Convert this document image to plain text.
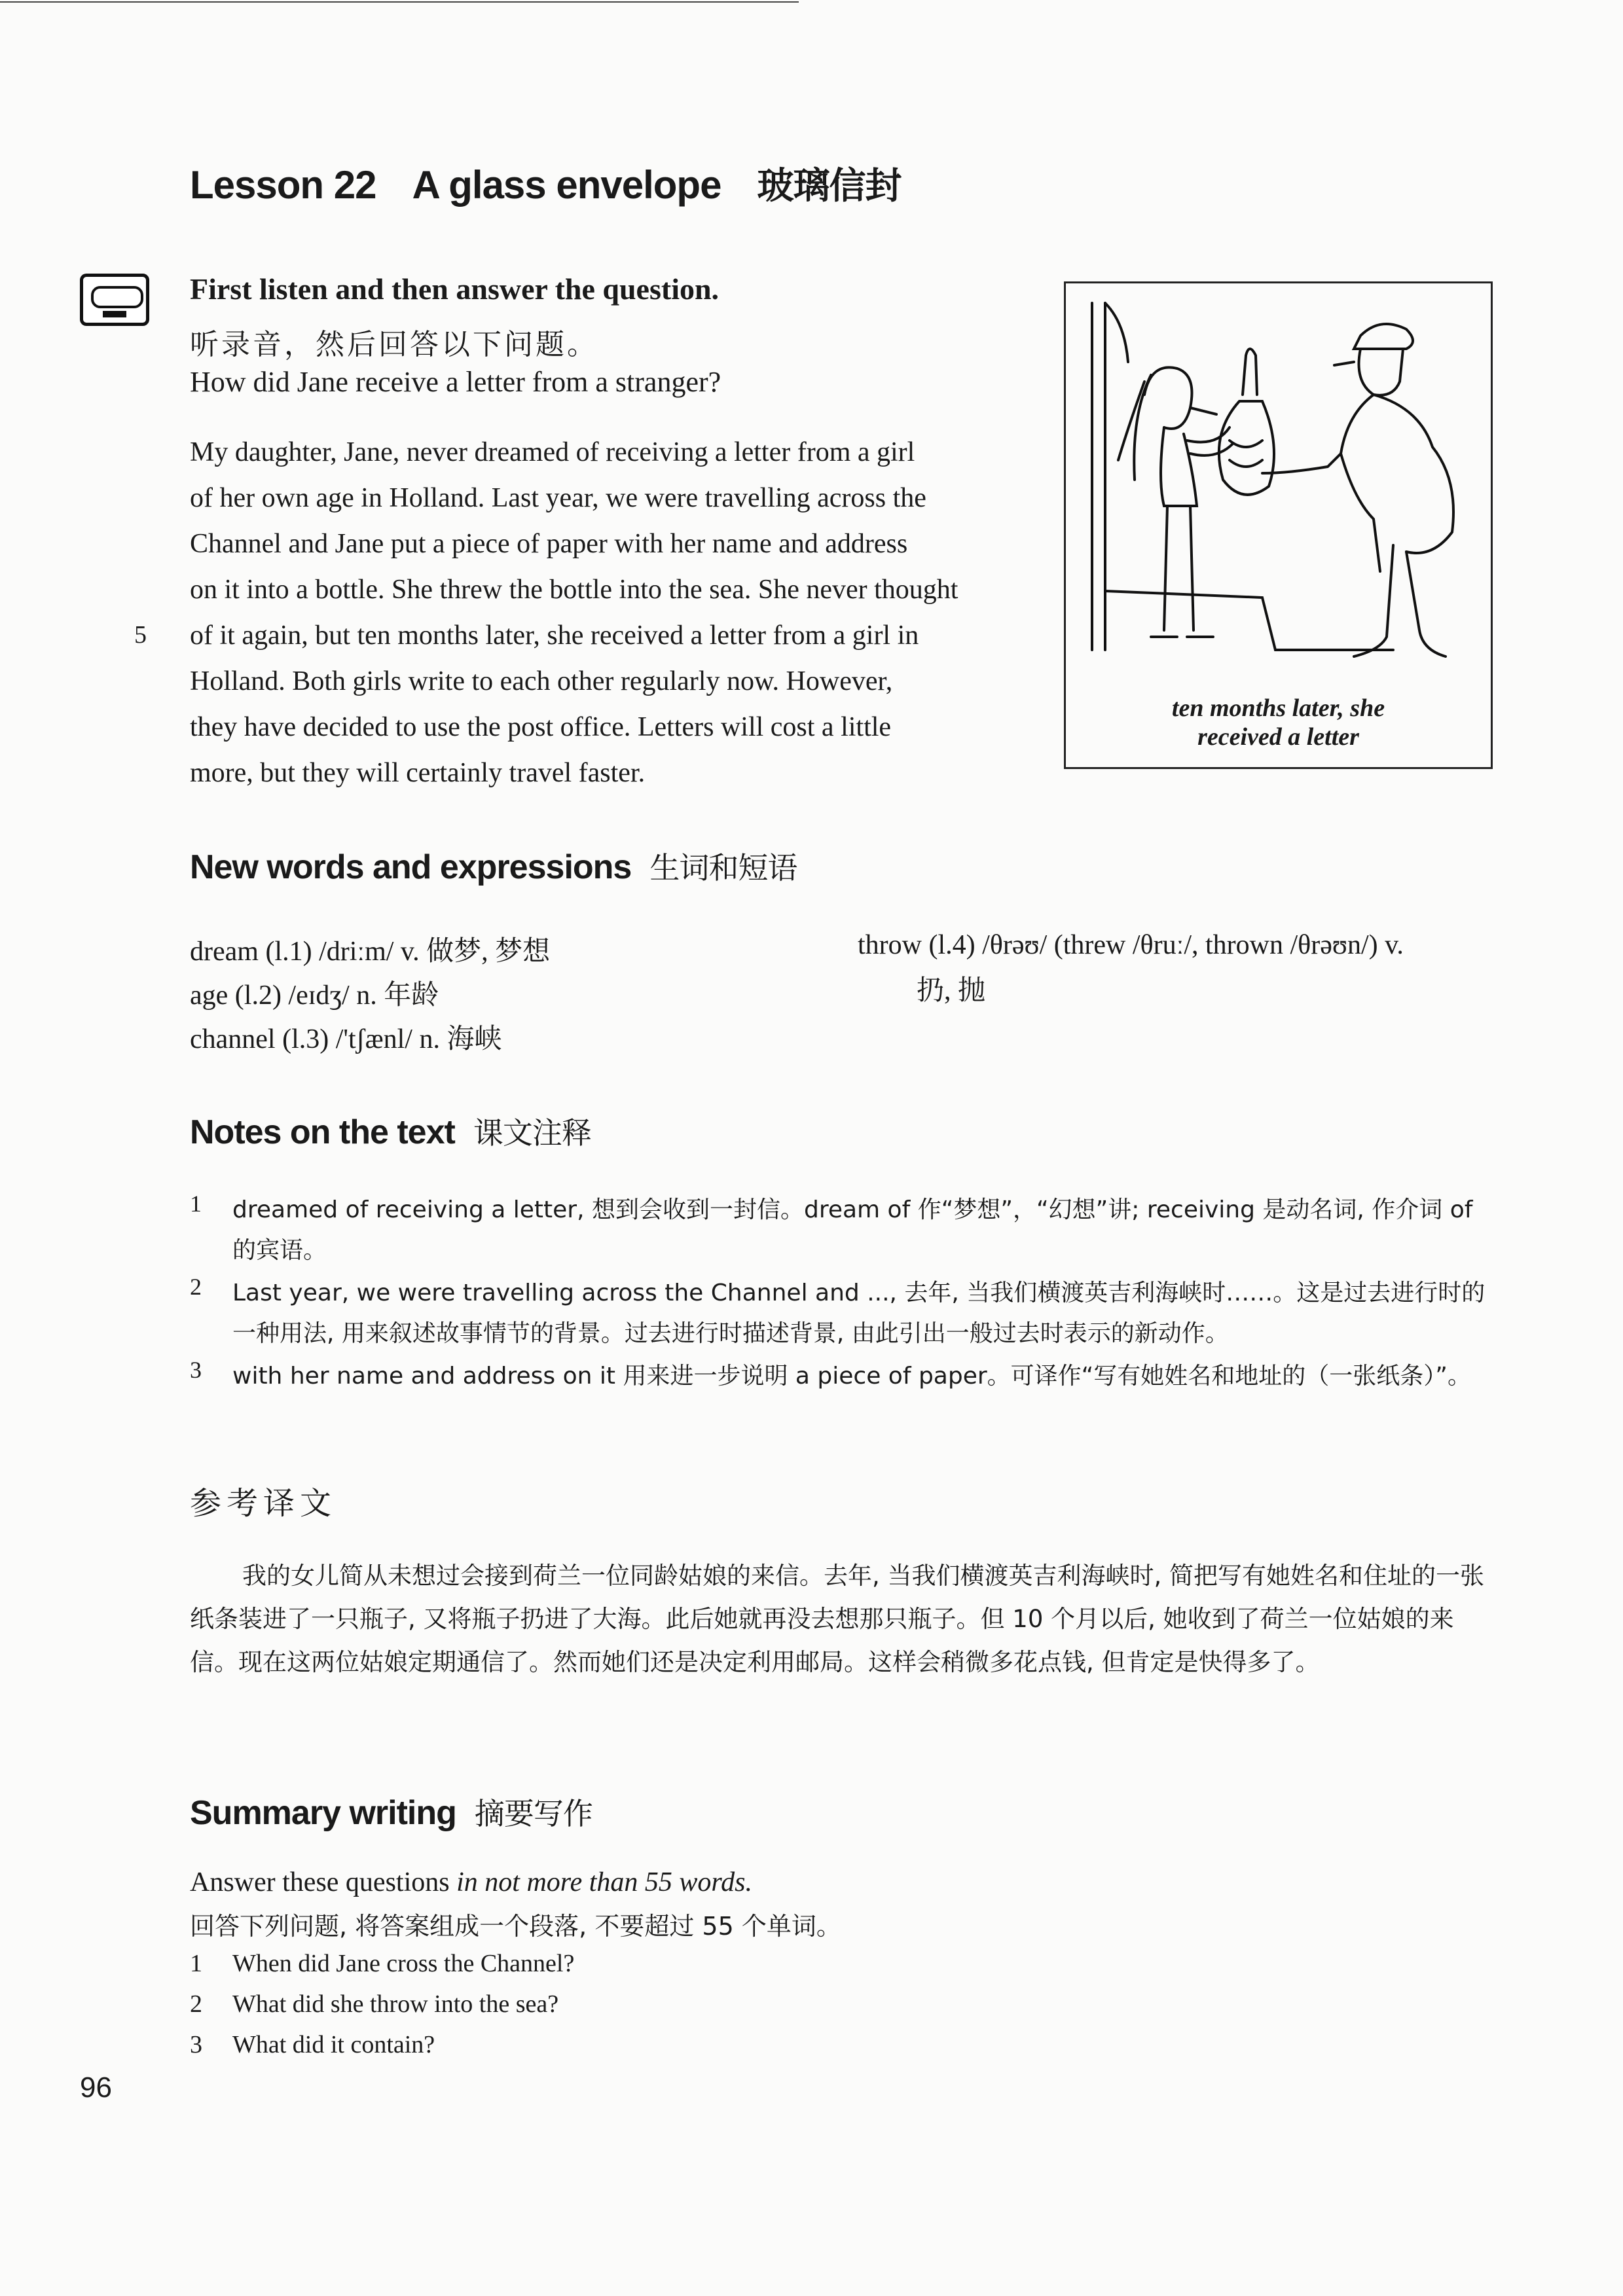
Lesson 22 A glass envelope 玻璃信封
First listen and then answer the question.
听录音，然后回答以下问题。
How did Jane receive a letter from a stranger?
My daughter, Jane, never dreamed of receiving a letter from a girl
of her own age in Holland. Last year, we were travelling across the
Channel and Jane put a piece of paper with her name and address
on it into a bottle. She threw the bottle into the sea. She never thought
of it again, but ten months later, she received a letter from a girl in
Holland. Both girls write to each other regularly now. However,
they have decided to use the post office. Letters will cost a little
more, but they will certainly travel faster.
5
ten months later, she
received a letter
New words and expressions 生词和短语
dream (l.1) /driːm/ v. 做梦, 梦想
age (l.2) /eɪdʒ/ n. 年龄
channel (l.3) /'tʃænl/ n. 海峡
throw (l.4) /θrəʊ/ (threw /θruː/, thrown /θrəʊn/) v.
扔, 抛
Notes on the text 课文注释
1 dreamed of receiving a letter, 想到会收到一封信。dream of 作“梦想”，“幻想”讲; receiving 是动名词, 作介词 of 的宾语。
2 Last year, we were travelling across the Channel and ..., 去年, 当我们横渡英吉利海峡时……。这是过去进行时的一种用法, 用来叙述故事情节的背景。过去进行时描述背景, 由此引出一般过去时表示的新动作。
3 with her name and address on it 用来进一步说明 a piece of paper。可译作“写有她姓名和地址的（一张纸条）”。
参考译文
我的女儿简从未想过会接到荷兰一位同龄姑娘的来信。去年, 当我们横渡英吉利海峡时, 简把写有她姓名和住址的一张纸条装进了一只瓶子, 又将瓶子扔进了大海。此后她就再没去想那只瓶子。但 10 个月以后, 她收到了荷兰一位姑娘的来信。现在这两位姑娘定期通信了。然而她们还是决定利用邮局。这样会稍微多花点钱, 但肯定是快得多了。
Summary writing 摘要写作
Answer these questions in not more than 55 words.
回答下列问题, 将答案组成一个段落, 不要超过 55 个单词。
1 When did Jane cross the Channel?
2 What did she throw into the sea?
3 What did it contain?
96
